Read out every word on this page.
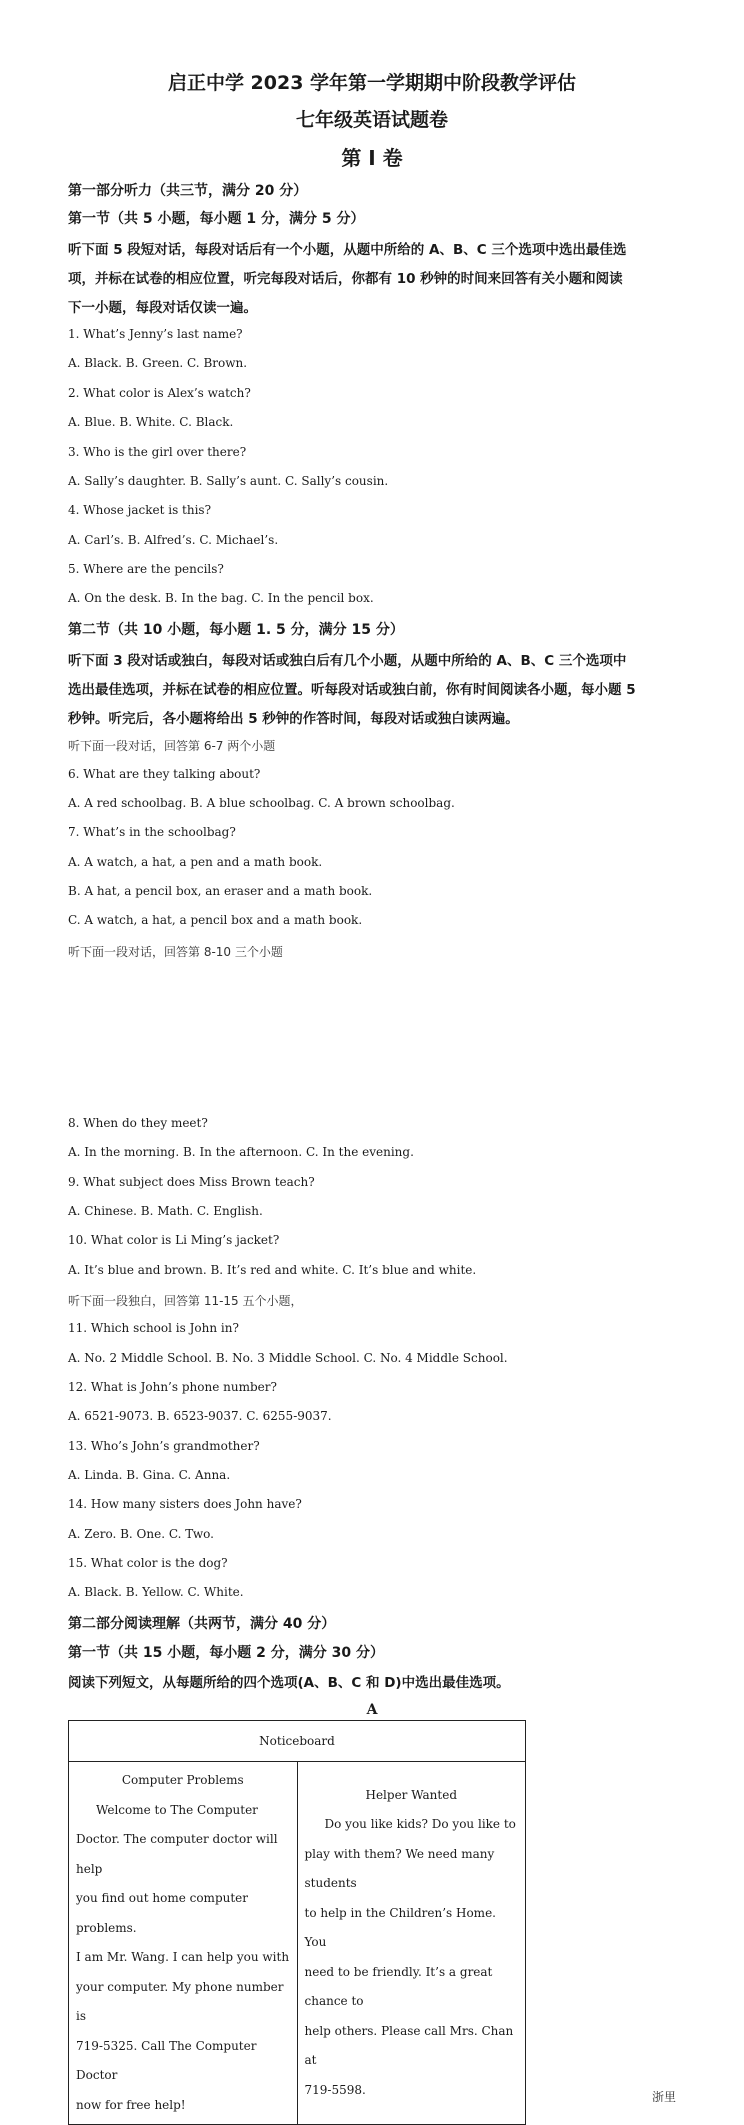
启正中学 2023 学年第一学期期中阶段教学评估
七年级英语试题卷
第 I 卷
第一部分听力（共三节，满分 20 分）
第一节（共 5 小题，每小题 1 分，满分 5 分）
听下面 5 段短对话，每段对话后有一个小题，从题中所给的 A、B、C 三个选项中选出最佳选
项，并标在试卷的相应位置，听完每段对话后，你都有 10 秒钟的时间来回答有关小题和阅读
下一小题，每段对话仅读一遍。
1. What’s Jenny’s last name?
A. Black. B. Green. C. Brown.
2. What color is Alex’s watch?
A. Blue. B. White. C. Black.
3. Who is the girl over there?
A. Sally’s daughter. B. Sally’s aunt. C. Sally’s cousin.
4. Whose jacket is this?
A. Carl’s. B. Alfred’s. C. Michael’s.
5. Where are the pencils?
A. On the desk. B. In the bag. C. In the pencil box.
第二节（共 10 小题，每小题 1. 5 分，满分 15 分）
听下面 3 段对话或独白，每段对话或独白后有几个小题，从题中所给的 A、B、C 三个选项中
选出最佳选项，并标在试卷的相应位置。听每段对话或独白前，你有时间阅读各小题，每小题 5
秒钟。听完后，各小题将给出 5 秒钟的作答时间，每段对话或独白读两遍。
听下面一段对话，回答第 6-7 两个小题
6. What are they talking about?
A. A red schoolbag. B. A blue schoolbag. C. A brown schoolbag.
7. What’s in the schoolbag?
A. A watch, a hat, a pen and a math book.
B. A hat, a pencil box, an eraser and a math book.
C. A watch, a hat, a pencil box and a math book.
听下面一段对话，回答第 8-10 三个小题
8. When do they meet?
A. In the morning. B. In the afternoon. C. In the evening.
9. What subject does Miss Brown teach?
A. Chinese. B. Math. C. English.
10. What color is Li Ming’s jacket?
A. It’s blue and brown. B. It’s red and white. C. It’s blue and white.
听下面一段独白，回答第 11-15 五个小题，
11. Which school is John in?
A. No. 2 Middle School. B. No. 3 Middle School. C. No. 4 Middle School.
12. What is John’s phone number?
A. 6521-9073. B. 6523-9037. C. 6255-9037.
13. Who’s John’s grandmother?
A. Linda. B. Gina. C. Anna.
14. How many sisters does John have?
A. Zero. B. One. C. Two.
15. What color is the dog?
A. Black. B. Yellow. C. White.
第二部分阅读理解（共两节，满分 40 分）
第一节（共 15 小题，每小题 2 分，满分 30 分）
阅读下列短文，从每题所给的四个选项(A、B、C 和 D)中选出最佳选项。
A
Noticeboard

Computer Problems
Welcome to The Computer
Doctor. The computer doctor will help
you find out home computer problems.
I am Mr. Wang. I can help you with
your computer. My phone number is
719-5325. Call The Computer Doctor
now for free help!

Helper Wanted
Do you like kids? Do you like to
play with them? We need many students
to help in the Children’s Home. You
need to be friendly. It’s a great chance to
help others. Please call Mrs. Chan at
719-5598.
浙里
